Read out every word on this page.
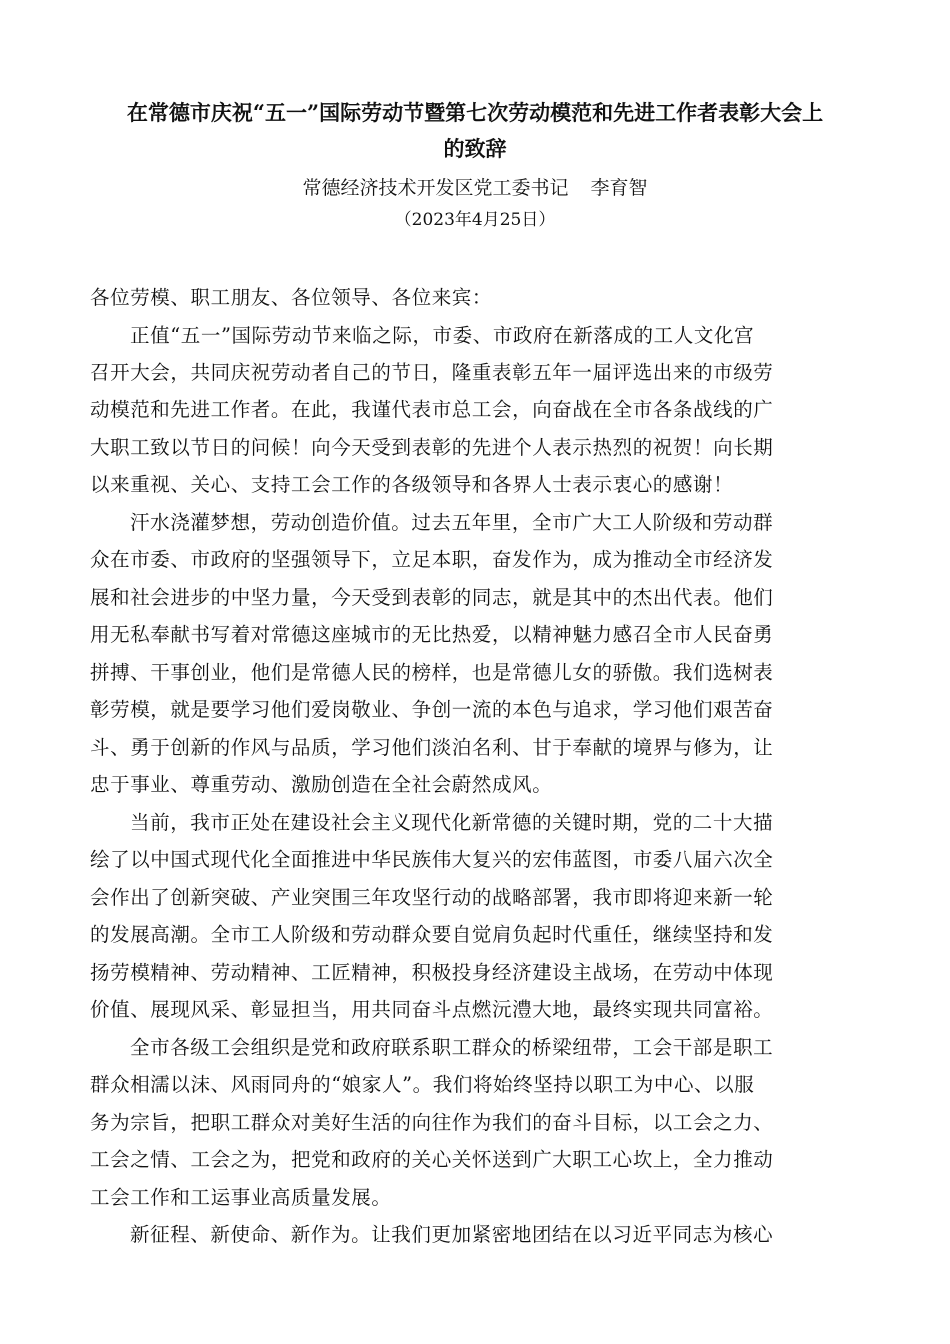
在常德市庆祝“五一”国际劳动节暨第七次劳动模范和先进工作者表彰大会上
的致辞
常德经济技术开发区党工委书记 李育智
（2023年4月25日）
各位劳模、职工朋友、各位领导、各位来宾：
正值“五一”国际劳动节来临之际，市委、市政府在新落成的工人文化宫
召开大会，共同庆祝劳动者自己的节日，隆重表彰五年一届评选出来的市级劳
动模范和先进工作者。在此，我谨代表市总工会，向奋战在全市各条战线的广
大职工致以节日的问候！向今天受到表彰的先进个人表示热烈的祝贺！向长期
以来重视、关心、支持工会工作的各级领导和各界人士表示衷心的感谢！
汗水浇灌梦想，劳动创造价值。过去五年里，全市广大工人阶级和劳动群
众在市委、市政府的坚强领导下，立足本职，奋发作为，成为推动全市经济发
展和社会进步的中坚力量，今天受到表彰的同志，就是其中的杰出代表。他们
用无私奉献书写着对常德这座城市的无比热爱，以精神魅力感召全市人民奋勇
拼搏、干事创业，他们是常德人民的榜样，也是常德儿女的骄傲。我们选树表
彰劳模，就是要学习他们爱岗敬业、争创一流的本色与追求，学习他们艰苦奋
斗、勇于创新的作风与品质，学习他们淡泊名利、甘于奉献的境界与修为，让
忠于事业、尊重劳动、激励创造在全社会蔚然成风。
当前，我市正处在建设社会主义现代化新常德的关键时期，党的二十大描
绘了以中国式现代化全面推进中华民族伟大复兴的宏伟蓝图，市委八届六次全
会作出了创新突破、产业突围三年攻坚行动的战略部署，我市即将迎来新一轮
的发展高潮。全市工人阶级和劳动群众要自觉肩负起时代重任，继续坚持和发
扬劳模精神、劳动精神、工匠精神，积极投身经济建设主战场，在劳动中体现
价值、展现风采、彰显担当，用共同奋斗点燃沅澧大地，最终实现共同富裕。
全市各级工会组织是党和政府联系职工群众的桥梁纽带，工会干部是职工
群众相濡以沫、风雨同舟的“娘家人”。我们将始终坚持以职工为中心、以服
务为宗旨，把职工群众对美好生活的向往作为我们的奋斗目标，以工会之力、
工会之情、工会之为，把党和政府的关心关怀送到广大职工心坎上，全力推动
工会工作和工运事业高质量发展。
新征程、新使命、新作为。让我们更加紧密地团结在以习近平同志为核心
